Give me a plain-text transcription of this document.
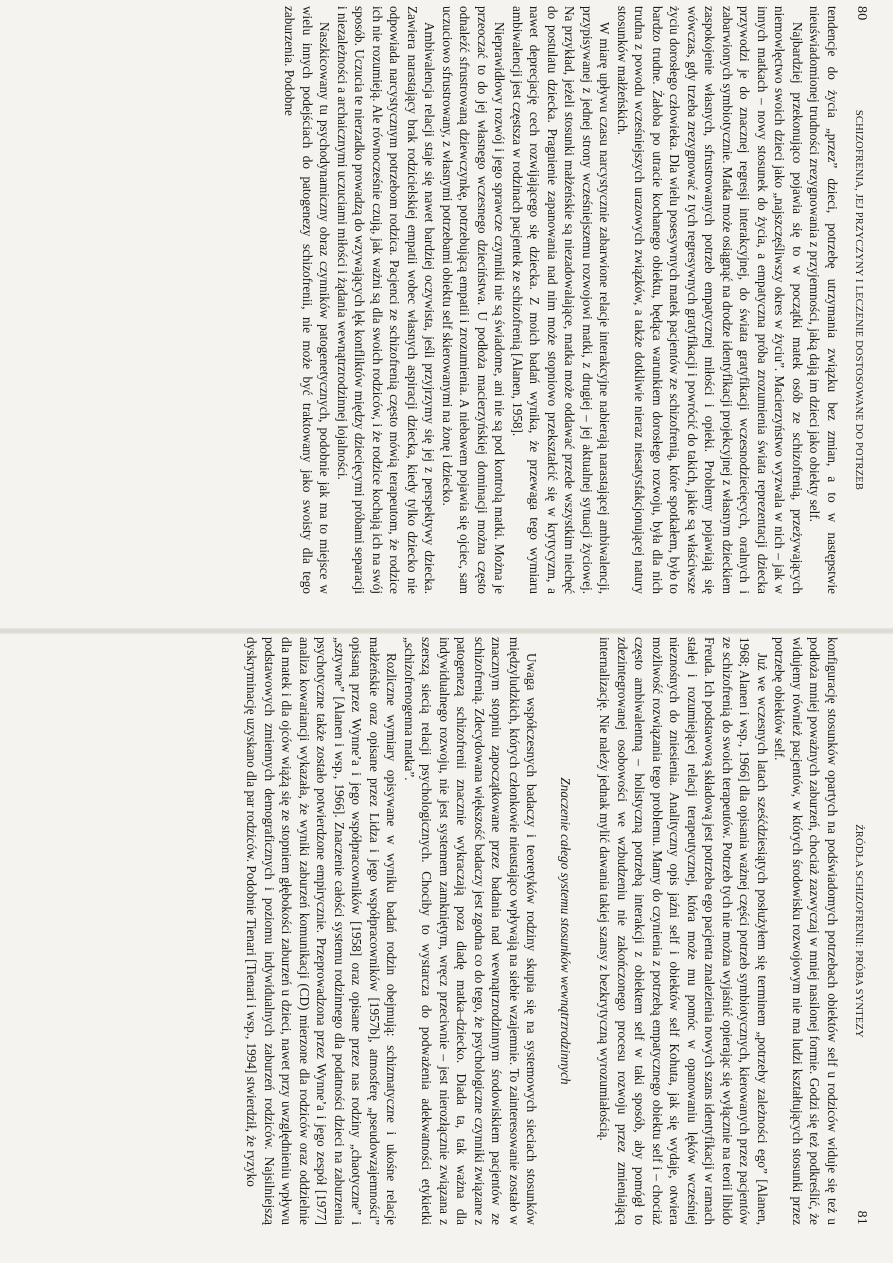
80
SCHIZOFRENIA, JEJ PRZYCZYNY I LECZENIE DOSTOSOWANE DO POTRZEB

tendencje do życia „przez” dzieci, potrzebę utrzymania związku bez zmian, a to w następstwie nieuświadomionej trudności zrezygnowania z przyjemności, jaką dają im dzieci jako obiekty self.

Najbardziej przekonująco pojawia się to w początki matek osób ze schizofrenią, przeżywających niemowlęctwo swoich dzieci jako „najszczęśliwszy okres w życiu”. Macierzyństwo wyzwala w nich – jak w innych matkach – nowy stosunek do życia, a empatyczna próba zrozumienia świata reprezentacji dziecka przywodzi je do znacznej regresji interakcyjnej, do świata gratyfikacji wczesnodziecięcych, oralnych i zabarwionych symbiotycznie. Matka może osiągnąć na drodze identyfikacji projekcyjnej z własnym dzieckiem zaspokojenie własnych, sfrustrowanych potrzeb empatycznej miłości i opieki. Problemy pojawiają się wówczas, gdy trzeba zrezygnować z tych regresywnych gratyfikacji i powrócić do takich, jakie są właściwsze życiu dorosłego człowieka. Dla wielu posesywnych matek pacjentów ze schizofrenią, które spotkałem, było to bardzo trudne. Żałoba po utracie kochanego obiektu, będąca warunkiem dorosłego rozwoju, była dla nich trudna z powodu wcześniejszych urazowych związków, a także dotkliwie nieraz niesatysfakcjonującej natury stosunków małżeńskich.

W miarę upływu czasu narcystycznie zabarwione relacje interakcyjne nabierają narastającej ambiwalencji, przypisywanej z jednej strony wcześniejszemu rozwojowi matki, z drugiej – jej aktualnej sytuacji życiowej. Na przykład, jeżeli stosunki małżeńskie są niezadowalające, matka może oddawać przede wszystkim niechęć do postulatu dziecka. Pragnienie zapanowania nad nim może stopniowo przekształcić się w krytycyzm, a nawet deprecjację cech rozwijającego się dziecka. Z moich badań wynika, że przewaga tego wymiaru ambiwalencji jest częstsza w rodzinach pacjentek ze schizofrenią [Alanen, 1958].

Nieprawidłowy rozwój i jego sprawcze czynniki nie są świadome, ani nie są pod kontrolą matki. Można je przeoczać to do jej własnego wczesnego dzieciństwa. U podłoża macierzyńskiej dominacji można często odnaleźć sfrustrowaną dziewczynkę, potrzebującą empatii i zrozumienia. A niebawem pojawia się ojciec, sam uczuciowo sfrustrowany, z własnymi potrzebami obiektu self skierowanymi na żonę i dziecko.

Ambiwalencja relacji staje się nawet bardziej oczywista, jeśli przyjrzymy się jej z perspektywy dziecka. Zawiera narastający brak rodzicielskiej empatii wobec własnych aspiracji dziecka, kiedy tylko dziecko nie odpowiada narcystycznym potrzebom rodzica. Pacjenci ze schizofrenią często mówią terapeutom, że rodzice ich nie rozumieją. Ale równocześnie czują, jak ważni są dla swoich rodziców, i że rodzice kochają ich na swój sposób. Uczucia te nierzadko prowadzą do wzywających lęk konfliktów między dziecięcymi próbami separacji i niezależności a archaicznymi uczuciami miłości i żądania wewnątrzrodzinnej lojalności.

Naszkicowany tu psychodynamiczny obraz czynników patogenetycznych, podobnie jak ma to miejsce w wielu innych podejściach do patogenezy schizofrenii, nie może być traktowany jako swoisty dla tego zaburzenia. Podobne

ŹRÓDŁA SCHIZOFRENII: PRÓBA SYNTEZY
81

konfigurację stosunków opartych na podświadomych potrzebach obiektów self u rodziców widuje się też u podłoża mniej poważnych zaburzeń, chociaż zazwyczaj w mniej nasilonej formie. Godzi się też podkreślić, że widujemy również pacjentów, w których środowisku rozwojowym nie ma ludzi kształtujących stosunki przez potrzebę obiektów self.

Już we wczesnych latach sześćdziesiątych posłużyłem się terminem „potrzeby zależności ego” [Alanen, 1968; Alanen i wsp., 1966] dla opisania ważnej części potrzeb symbiotycznych, kierowanych przez pacjentów ze schizofrenią do swoich terapeutów. Potrzeb tych nie można wyjaśnić opierając się wyłącznie na teorii libido Freuda. Ich podstawową składową jest potrzeba ego pacjenta znalezienia nowych szans identyfikacji w ramach stałej i rozumiejącej relacji terapeutycznej, która może mu pomóc w opanowaniu lęków wcześniej nieznośnych do zniesienia. Analityczny opis jaźni self i obiektów self Kohuta, jak się wydaje, otwiera możliwość rozwiązania tego problemu. Mamy do czynienia z potrzebą empatycznego obiektu self i – chociaż często ambiwalentną – holistyczną potrzebą interakcji z obiektem self w taki sposób, aby pomógł to zdezintegrowanej osobowości we wzbudzeniu nie zakończonego procesu rozwoju przez zmieniającą internalizację. Nie należy jednak mylić dawania takiej szansy z bezkrytyczną wyrozumiałością.

Znaczenie całego systemu stosunków wewnątrzrodzinnych

Uwaga współczesnych badaczy i teoretyków rodziny skupia się na systemowych sieciach stosunków międzyludzkich, których członkowie nieustająco wpływają na siebie wzajemnie. To zainteresowanie zostało w znacznym stopniu zapoczątkowane przez badania nad wewnątrzrodzinnym środowiskiem pacjentów ze schizofrenią. Zdecydowana większość badaczy jest zgodna co do tego, że psychologiczne czynniki związane z patogenezą schizofrenii znacznie wykraczają poza diadę matka–dziecko. Diada ta, tak ważna dla indywidualnego rozwoju, nie jest systemem zamkniętym, wręcz przeciwnie – jest nierozłącznie związana z szerszą siecią relacji psychologicznych. Chociby to wystarcza do podważenia adekwatności etykietki „schizofrenogenna matka”.

Rozliczne wymiary opisywane w wyniku badań rodzin obejmują: schizmatyczne i ukośne relacje małżeńskie oraz opisane przez Lidza i jego współpracowników [1957b], atmosferę „pseudowzajemności” opisaną przez Wynne’a i jego współpracowników [1958] oraz opisane przez nas rodziny „chaotyczne” i „sztywne” [Alanen i wsp., 1966]. Znaczenie całości systemu rodzinnego dla podatności dzieci na zaburzenia psychotyczne także zostało potwierdzone empirycznie. Przeprowadzona przez Wynne’a i jego zespół [1977] analiza kowariancji wykazała, że wyniki zaburzeń komunikacji (CD) mierzone dla rodziców oraz oddzielnie dla matek i dla ojców wiążą się ze stopniem głębokości zaburzeń u dzieci, nawet przy uwzględnieniu wpływu podstawowych zmiennych demograficznych i poziomu indywidualnych zaburzeń rodziców. Najsilniejszą dyskryminację uzyskano dla par rodziców. Podobnie Tienari [Tienari i wsp., 1994] stwierdził, że ryzyko
